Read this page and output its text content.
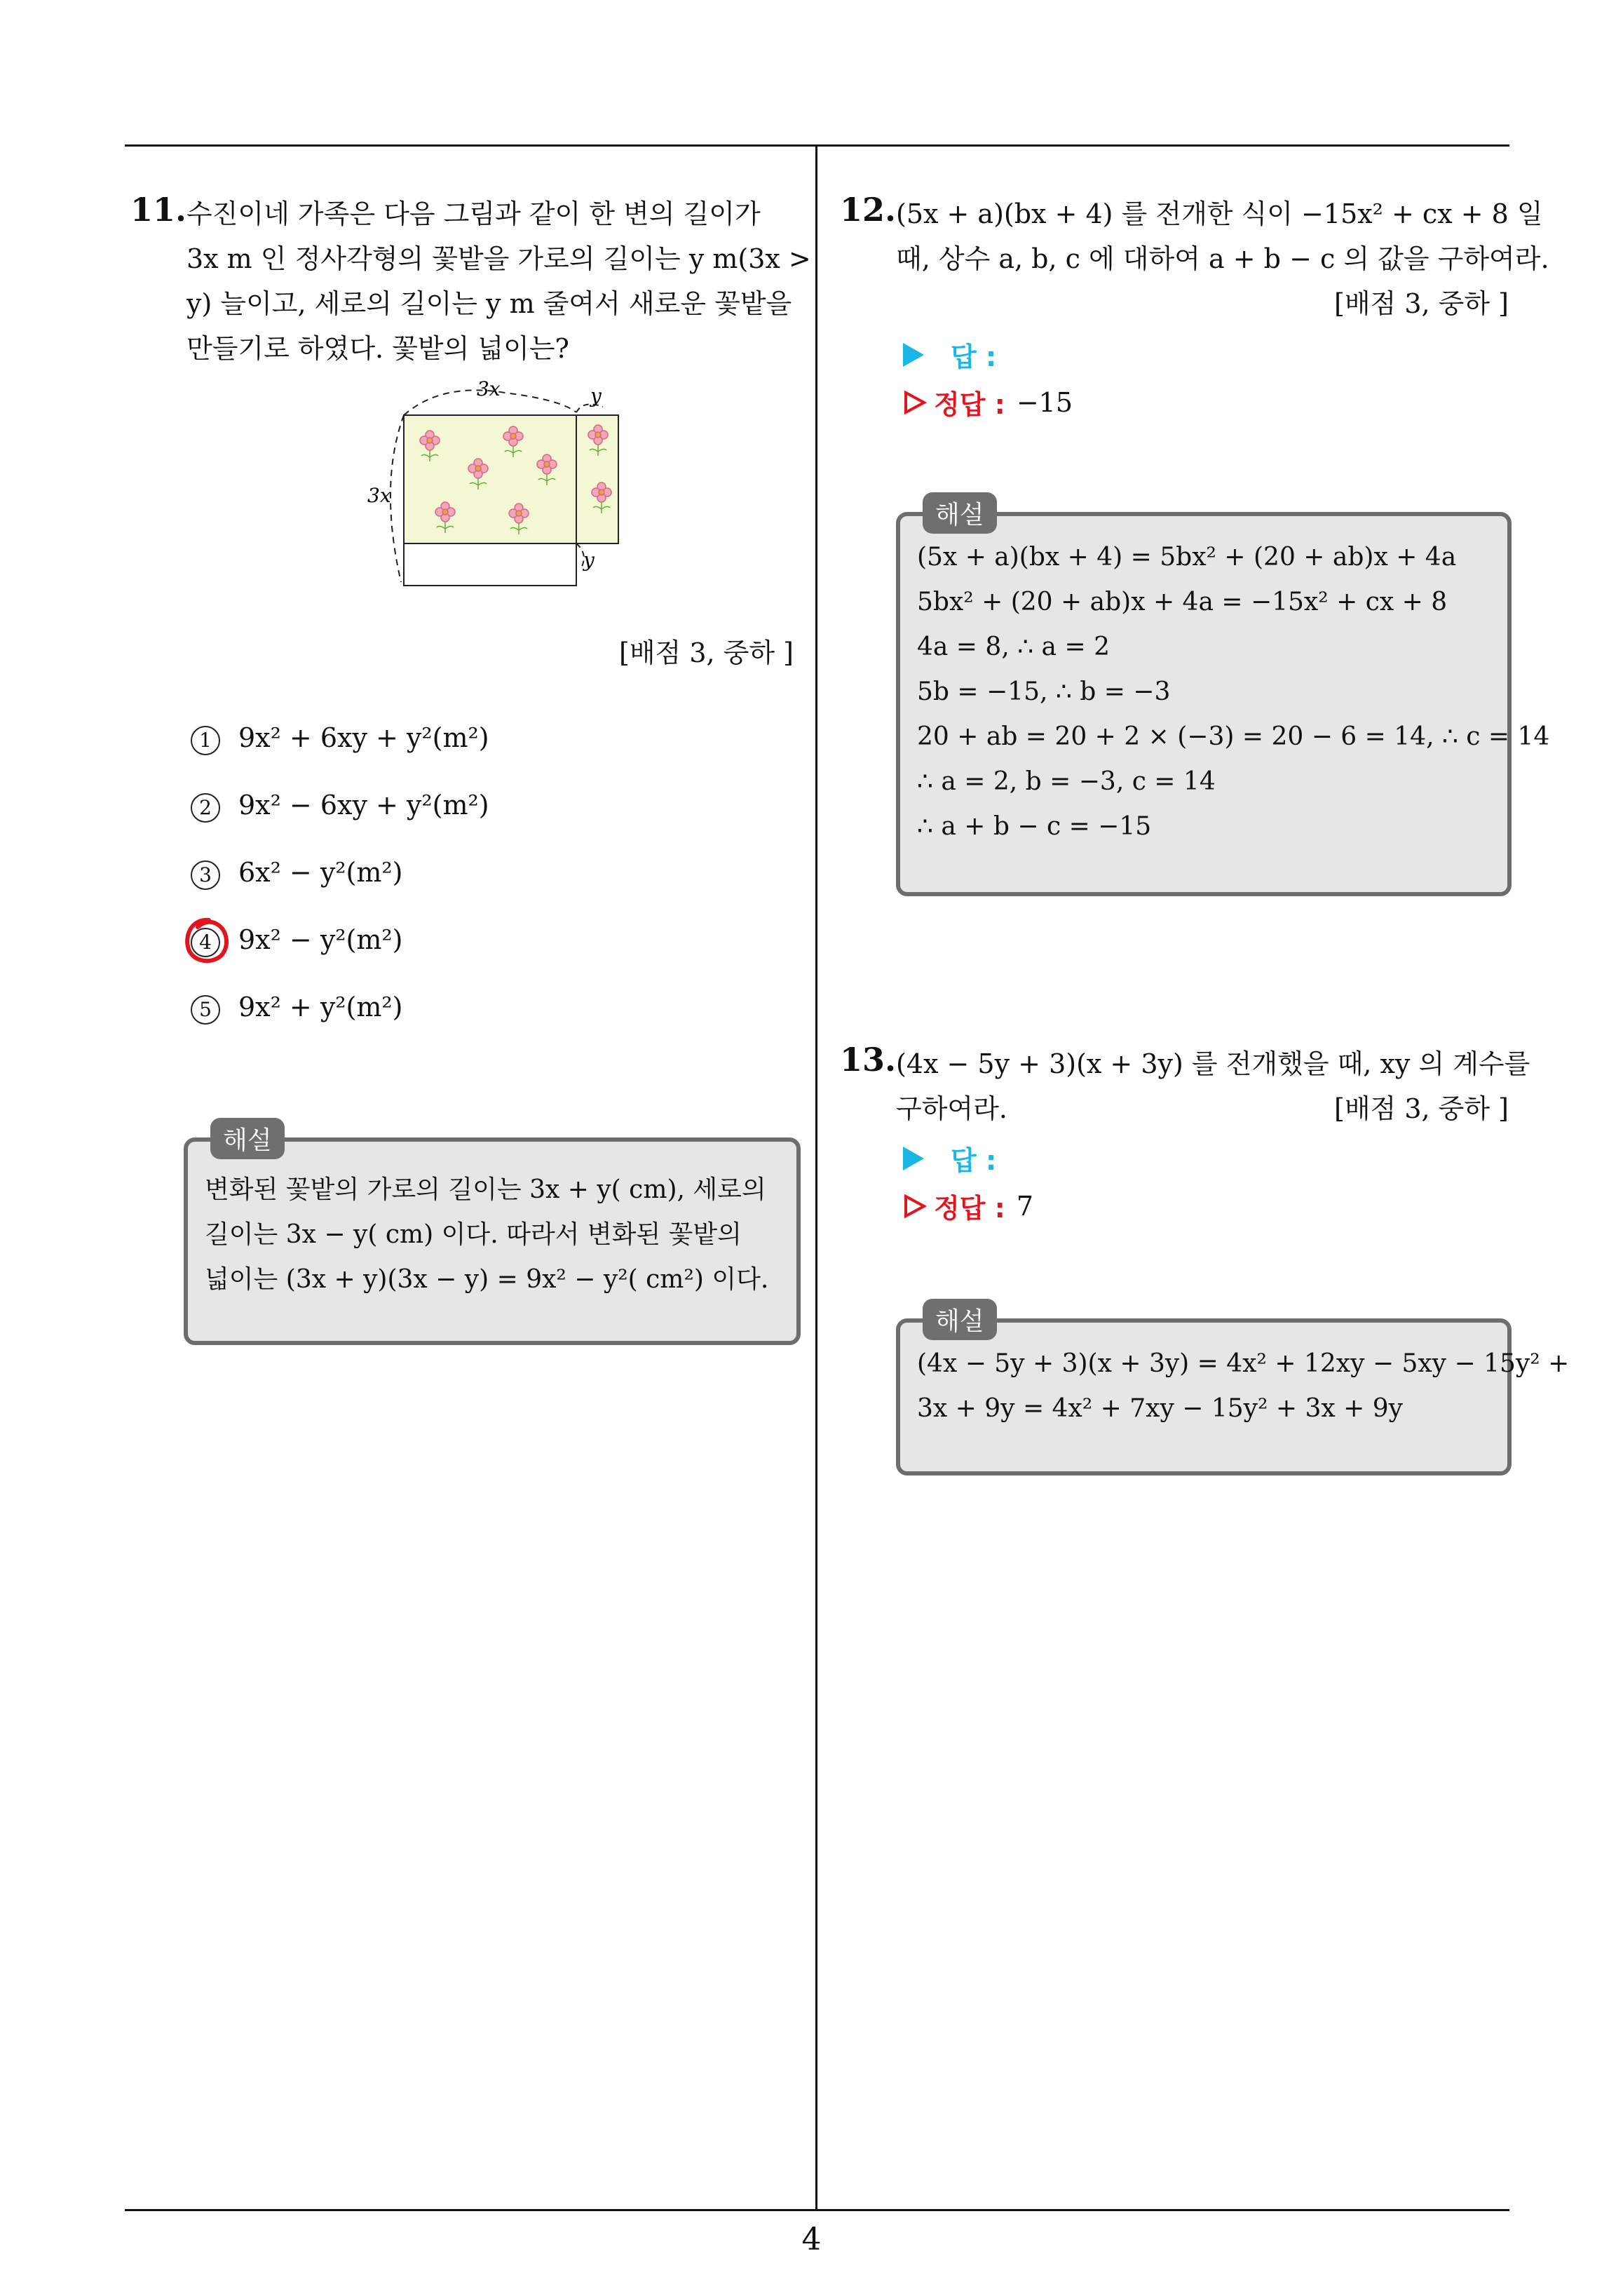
11. 수진이네 가족은 다음 그림과 같이 한 변의 길이가
3x m 인 정사각형의 꽃밭을 가로의 길이는 y m(3x >
y) 늘이고, 세로의 길이는 y m 줄여서 새로운 꽃밭을
만들기로 하였다. 꽃밭의 넓이는?
3x	y
3x
y
[배점 3, 중하 ]
1 9x² + 6xy + y²(m²)
2 9x² − 6xy + y²(m²)
3 6x² − y²(m²)
4 9x² − y²(m²)
5 9x² + y²(m²)
변화된 꽃밭의 가로의 길이는 3x + y( cm), 세로의
길이는 3x − y( cm) 이다. 따라서 변화된 꽃밭의
넓이는 (3x + y)(3x − y) = 9x² − y²( cm²) 이다.
해설
12. (5x + a)(bx + 4) 를 전개한 식이 −15x² + cx + 8 일
때, 상수 a, b, c 에 대하여 a + b − c 의 값을 구하여라.
[배점 3, 중하 ]
답 :
정답 : −15
(5x + a)(bx + 4) = 5bx² + (20 + ab)x + 4a
5bx² + (20 + ab)x + 4a = −15x² + cx + 8
4a = 8, ∴ a = 2
5b = −15, ∴ b = −3
20 + ab = 20 + 2 × (−3) = 20 − 6 = 14, ∴ c = 14
∴ a = 2, b = −3, c = 14
∴ a + b − c = −15
해설
13. (4x − 5y + 3)(x + 3y) 를 전개했을 때, xy 의 계수를
구하여라.	[배점 3, 중하 ]
답 :
정답 : 7
(4x − 5y + 3)(x + 3y) = 4x² + 12xy − 5xy − 15y² +
3x + 9y = 4x² + 7xy − 15y² + 3x + 9y
해설
4
